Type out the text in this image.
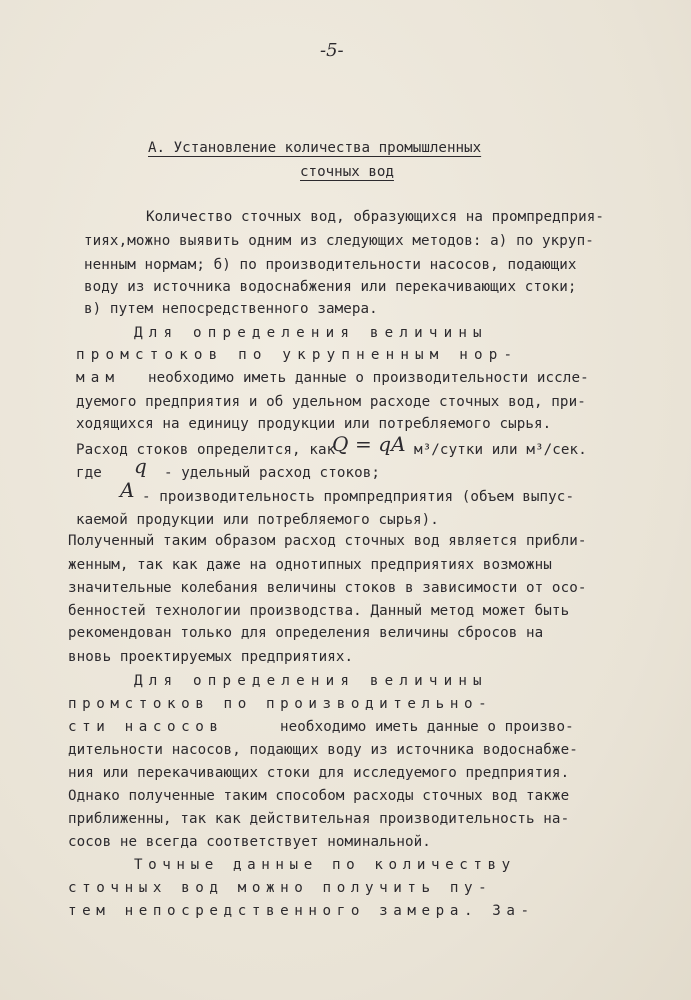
-5-
А. Установление количества промышленных
сточных вод
Количество сточных вод, образующихся на промпредприя-
тиях,можно выявить одним из следующих методов: а) по укруп-
ненным нормам; б) по производительности насосов, подающих
воду из источника водоснабжения или перекачивающих стоки;
в) путем непосредственного замера.
Для определения величины
промстоков по укрупненным нор-
мам необходимо иметь данные о производительности иссле-
дуемого предприятия и об удельном расходе сточных вод, при-
ходящихся на единицу продукции или потребляемого сырья.
Расход стоков определится, как
Q = qA м³/сутки или м³/сек.
где q - удельный расход стоков;
A - производительность промпредприятия (объем выпус-
каемой продукции или потребляемого сырья).
Полученный таким образом расход сточных вод является прибли-
женным, так как даже на однотипных предприятиях возможны
значительные колебания величины стоков в зависимости от осо-
бенностей технологии производства. Данный метод может быть
рекомендован только для определения величины сбросов на
вновь проектируемых предприятиях.
Для определения величины
промстоков по производительно-
сти насосов	необходимо иметь данные о произво-
дительности насосов, подающих воду из источника водоснабже-
ния или перекачивающих стоки для исследуемого предприятия.
Однако полученные таким способом расходы сточных вод также
приближенны, так как действительная производительность на-
сосов не всегда соответствует номинальной.
Точные данные по количеству
сточных вод можно получить пу-
тем непосредственного замера. За-
